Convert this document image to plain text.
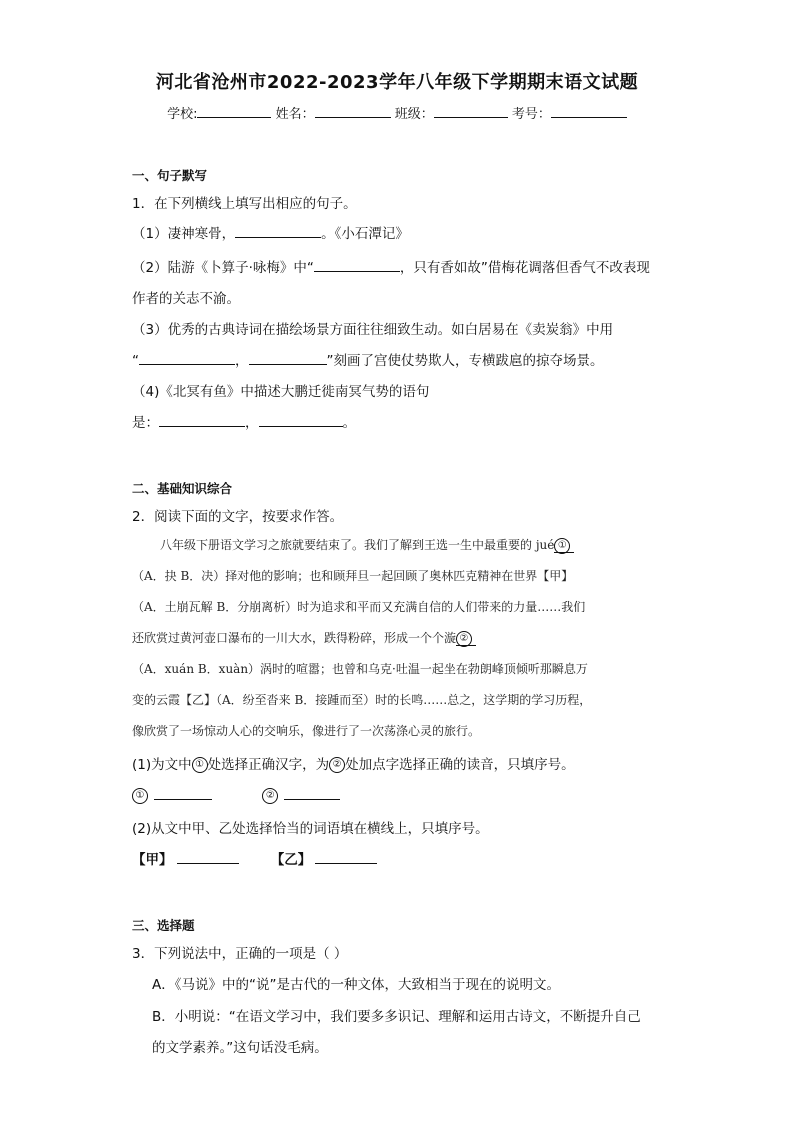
河北省沧州市2022-2023学年八年级下学期期末语文试题
学校:	姓名：	班级：	考号：
一、句子默写
1．在下列横线上填写出相应的句子。
（1）凄神寒骨，	。《小石潭记》
（2）陆游《卜算子·咏梅》中“	，只有香如故”借梅花调落但香气不改表现
作者的关志不渝。
（3）优秀的古典诗词在描绘场景方面往往细致生动。如白居易在《卖炭翁》中用
“	，	”刻画了宫使仗势欺人，专横跋扈的掠夺场景。
（4)《北冥有鱼》中描述大鹏迁徙南冥气势的语句
是：	，	。
二、基础知识综合
2．阅读下面的文字，按要求作答。
八年级下册语文学习之旅就要结束了。我们了解到王选一生中最重要的 jué ①
（A．抉 B．决）择对他的影响；也和顾拜旦一起回顾了奥林匹克精神在世界【甲】
（A．土崩瓦解 B．分崩离析）时为追求和平而又充满自信的人们带来的力量……我们
还欣赏过黄河壶口瀑布的一川大水，跌得粉碎，形成一个个漩 ②
（A．xuán B．xuàn）涡时的喧嚣；也曾和乌克·吐温一起坐在勃朗峰顶倾听那瞬息万
变的云霞【乙】（A．纷至沓来 B．接踵而至）时的长鸣……总之，这学期的学习历程，
像欣赏了一场惊动人心的交响乐，像进行了一次荡涤心灵的旅行。
(1)为文中 ① 处选择正确汉字，为 ② 处加点字选择正确的读音，只填序号。
①	②
(2)从文中甲、乙处选择恰当的词语填在横线上，只填序号。
【甲】	【乙】
三、选择题
3．下列说法中，正确的一项是（ ）
A．《马说》中的“说”是古代的一种文体，大致相当于现在的说明文。
B．小明说：“在语文学习中，我们要多多识记、理解和运用古诗文，不断提升自己
的文学素养。”这句话没毛病。
